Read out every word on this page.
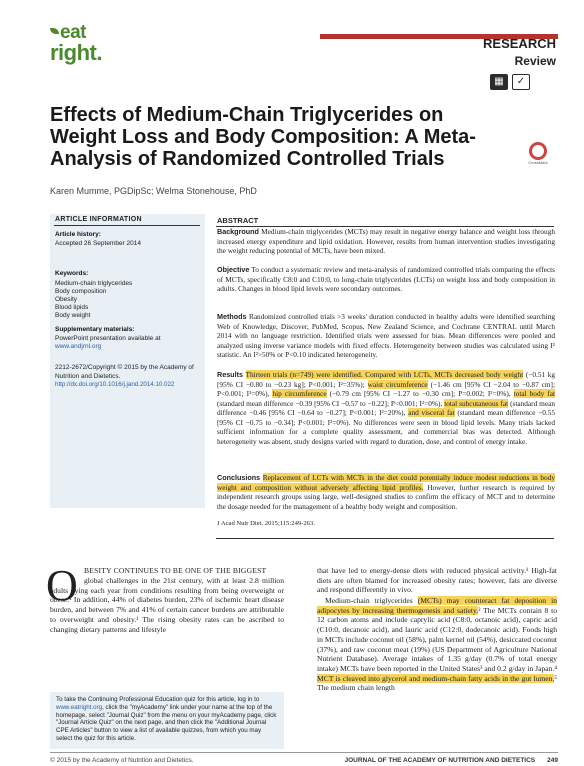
eat
right.	RESEARCH
Review
▦	✓
Effects of Medium-Chain Triglycerides on Weight Loss and Body Composition: A Meta-Analysis of Randomized Controlled Trials	CrossMark
Karen Mumme, PGDipSc; Welma Stonehouse, PhD
ARTICLE INFORMATION
Article history:
Accepted 26 September 2014
Keywords:
Medium-chain triglycerides
Body composition
Obesity
Blood lipids
Body weight
Supplementary materials:
PowerPoint presentation available at
www.andjrnl.org
2212-2672/Copyright © 2015 by the Academy of Nutrition and Dietetics.
http://dx.doi.org/10.1016/j.jand.2014.10.022
ABSTRACT
Background Medium-chain triglycerides (MCTs) may result in negative energy balance and weight loss through increased energy expenditure and lipid oxidation. However, results from human intervention studies investigating the weight reducing potential of MCTs, have been mixed.
Objective To conduct a systematic review and meta-analysis of randomized controlled trials comparing the effects of MCTs, specifically C8:0 and C10:0, to long-chain triglycerides (LCTs) on weight loss and body composition in adults. Changes in blood lipid levels were secondary outcomes.
Methods Randomized controlled trials >3 weeks' duration conducted in healthy adults were identified searching Web of Knowledge, Discover, PubMed, Scopus, New Zealand Science, and Cochrane CENTRAL until March 2014 with no language restriction. Identified trials were assessed for bias. Mean differences were pooled and analyzed using inverse variance models with fixed effects. Heterogeneity between studies was calculated using I² statistic. An I²>50% or P<0.10 indicated heterogeneity.
Results Thirteen trials (n=749) were identified. Compared with LCTs, MCTs decreased body weight (−0.51 kg [95% CI −0.80 to −0.23 kg]; P<0.001; I²=35%); waist circumference (−1.46 cm [95% CI −2.04 to −0.87 cm]; P<0.001; I²=0%), hip circumference (−0.79 cm [95% CI −1.27 to −0.30 cm]; P=0.002; I²=0%), total body fat (standard mean difference −0.39 [95% CI −0.57 to −0.22]; P<0.001; I²=0%), total subcutaneous fat (standard mean difference −0.46 [95% CI −0.64 to −0.27]; P<0.001; I²=20%), and visceral fat (standard mean difference −0.55 [95% CI −0.75 to −0.34]; P<0.001; I²=0%). No differences were seen in blood lipid levels. Many trials lacked sufficient information for a complete quality assessment, and commercial bias was detected. Although heterogeneity was absent, study designs varied with regard to duration, dose, and control of energy intake.
Conclusions Replacement of LCTs with MCTs in the diet could potentially induce modest reductions in body weight and composition without adversely affecting lipid profiles. However, further research is required by independent research groups using large, well-designed studies to confirm the efficacy of MCT and to determine the dosage needed for the management of a healthy body weight and composition.
J Acad Nutr Diet. 2015;115:249-263.
O BESITY CONTINUES TO BE ONE OF THE BIGGEST
global challenges in the 21st century, with at least 2.8 million adults dying each year from conditions resulting from being overweight or obese.¹ In addition, 44% of diabetes burden, 23% of ischemic heart disease burden, and between 7% and 41% of certain cancer burdens are attributable to overweight and obesity.¹ The rising obesity rates can be ascribed to changing dietary patterns and lifestyle
that have led to energy-dense diets with reduced physical activity.¹ High-fat diets are often blamed for increased obesity rates; however, fats are diverse and respond differently in vivo.
Medium-chain triglycerides (MCTs) may counteract fat deposition in adipocytes by increasing thermogenesis and satiety.² The MCTs contain 8 to 12 carbon atoms and include caprylic acid (C8:0, octanoic acid), capric acid (C10:0, decanoic acid), and lauric acid (C12:0, dodecanoic acid). Foods high in MCTs include coconut oil (58%), palm kernel oil (54%), desiccated coconut (37%), and raw coconut meat (19%) (US Department of Agriculture National Nutrient Database). Average intakes of 1.35 g/day (0.7% of total energy intake) MCTs have been reported in the United States³ and 0.2 g/day in Japan.⁴ MCT is cleaved into glycerol and medium-chain fatty acids in the gut lumen.⁵ The medium chain length
To take the Continuing Professional Education quiz for this article, log in to www.eatright.org, click the "myAcademy" link under your name at the top of the homepage, select "Journal Quiz" from the menu on your myAcademy page, click "Journal Article Quiz" on the next page, and then click the "Additional Journal CPE Articles" button to view a list of available quizzes, from which you may select the quiz for this article.
© 2015 by the Academy of Nutrition and Dietetics.	JOURNAL OF THE ACADEMY OF NUTRITION AND DIETETICS 249
